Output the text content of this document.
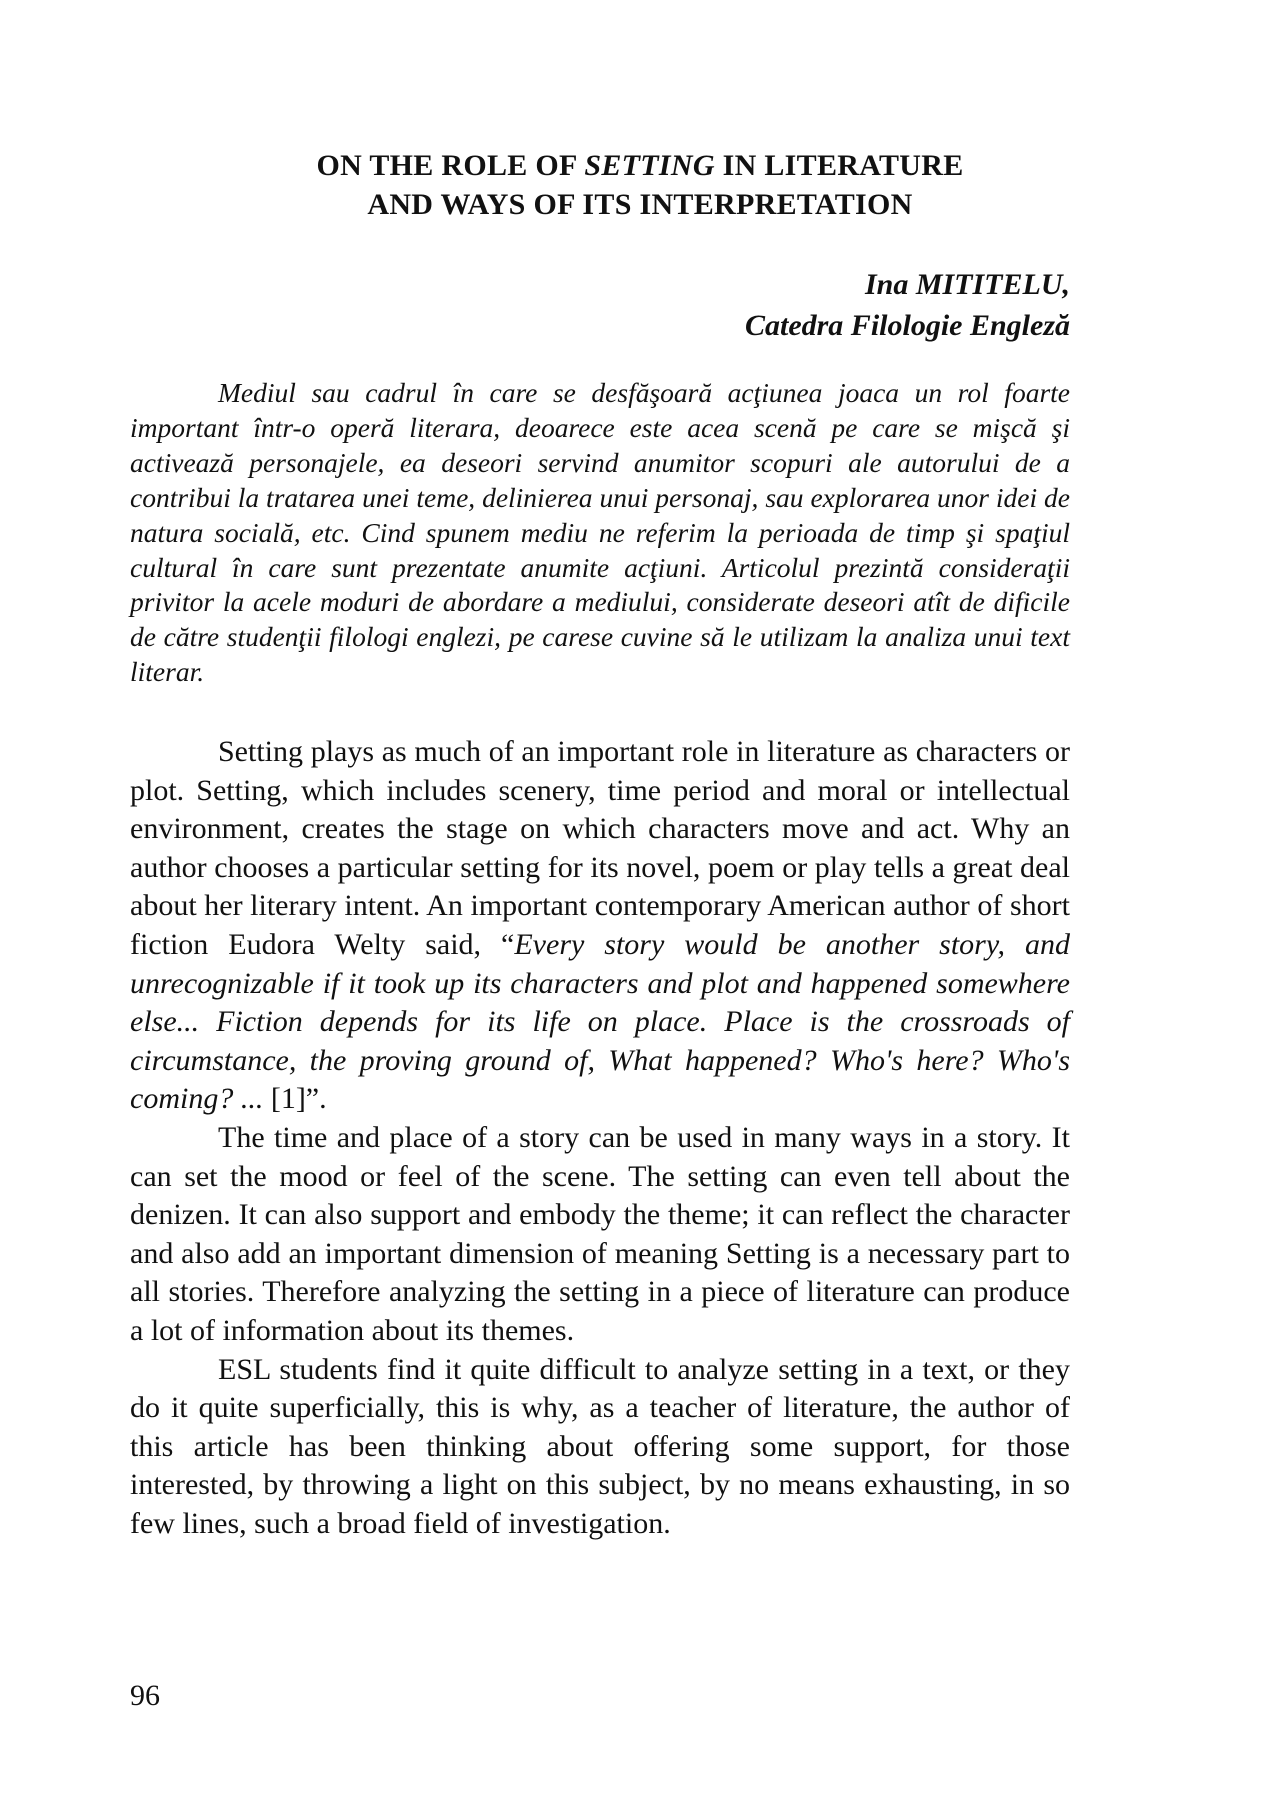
ON THE ROLE OF SETTING IN LITERATURE
AND WAYS OF ITS INTERPRETATION
Ina MITITELU,
Catedra Filologie Engleză

Mediul sau cadrul în care se desfăşoară acţiunea joaca un rol foarte important într-o operă literara, deoarece este acea scenă pe care se mişcă şi activează personajele, ea deseori servind anumitor scopuri ale autorului de a contribui la tratarea unei teme, delinierea unui personaj, sau explorarea unor idei de natura socială, etc. Cind spunem mediu ne referim la perioada de timp şi spaţiul cultural în care sunt prezentate anumite acţiuni. Articolul prezintă consideraţii privitor la acele moduri de abordare a mediului, considerate deseori atît de dificile de către studenţii filologi englezi, pe carese cuvine să le utilizam la analiza unui text literar.

Setting plays as much of an important role in literature as characters or plot. Setting, which includes scenery, time period and moral or intellectual environment, creates the stage on which characters move and act. Why an author chooses a particular setting for its novel, poem or play tells a great deal about her literary intent. An important contemporary American author of short fiction Eudora Welty said, “Every story would be another story, and unrecognizable if it took up its characters and plot and happened somewhere else... Fiction depends for its life on place. Place is the crossroads of circumstance, the proving ground of, What happened? Who's here? Who's coming? ... [1]”.

The time and place of a story can be used in many ways in a story. It can set the mood or feel of the scene. The setting can even tell about the denizen. It can also support and embody the theme; it can reflect the character and also add an important dimension of meaning Setting is a necessary part to all stories. Therefore analyzing the setting in a piece of literature can produce a lot of information about its themes.

ESL students find it quite difficult to analyze setting in a text, or they do it quite superficially, this is why, as a teacher of literature, the author of this article has been thinking about offering some support, for those interested, by throwing a light on this subject, by no means exhausting, in so few lines, such a broad field of investigation.

96
